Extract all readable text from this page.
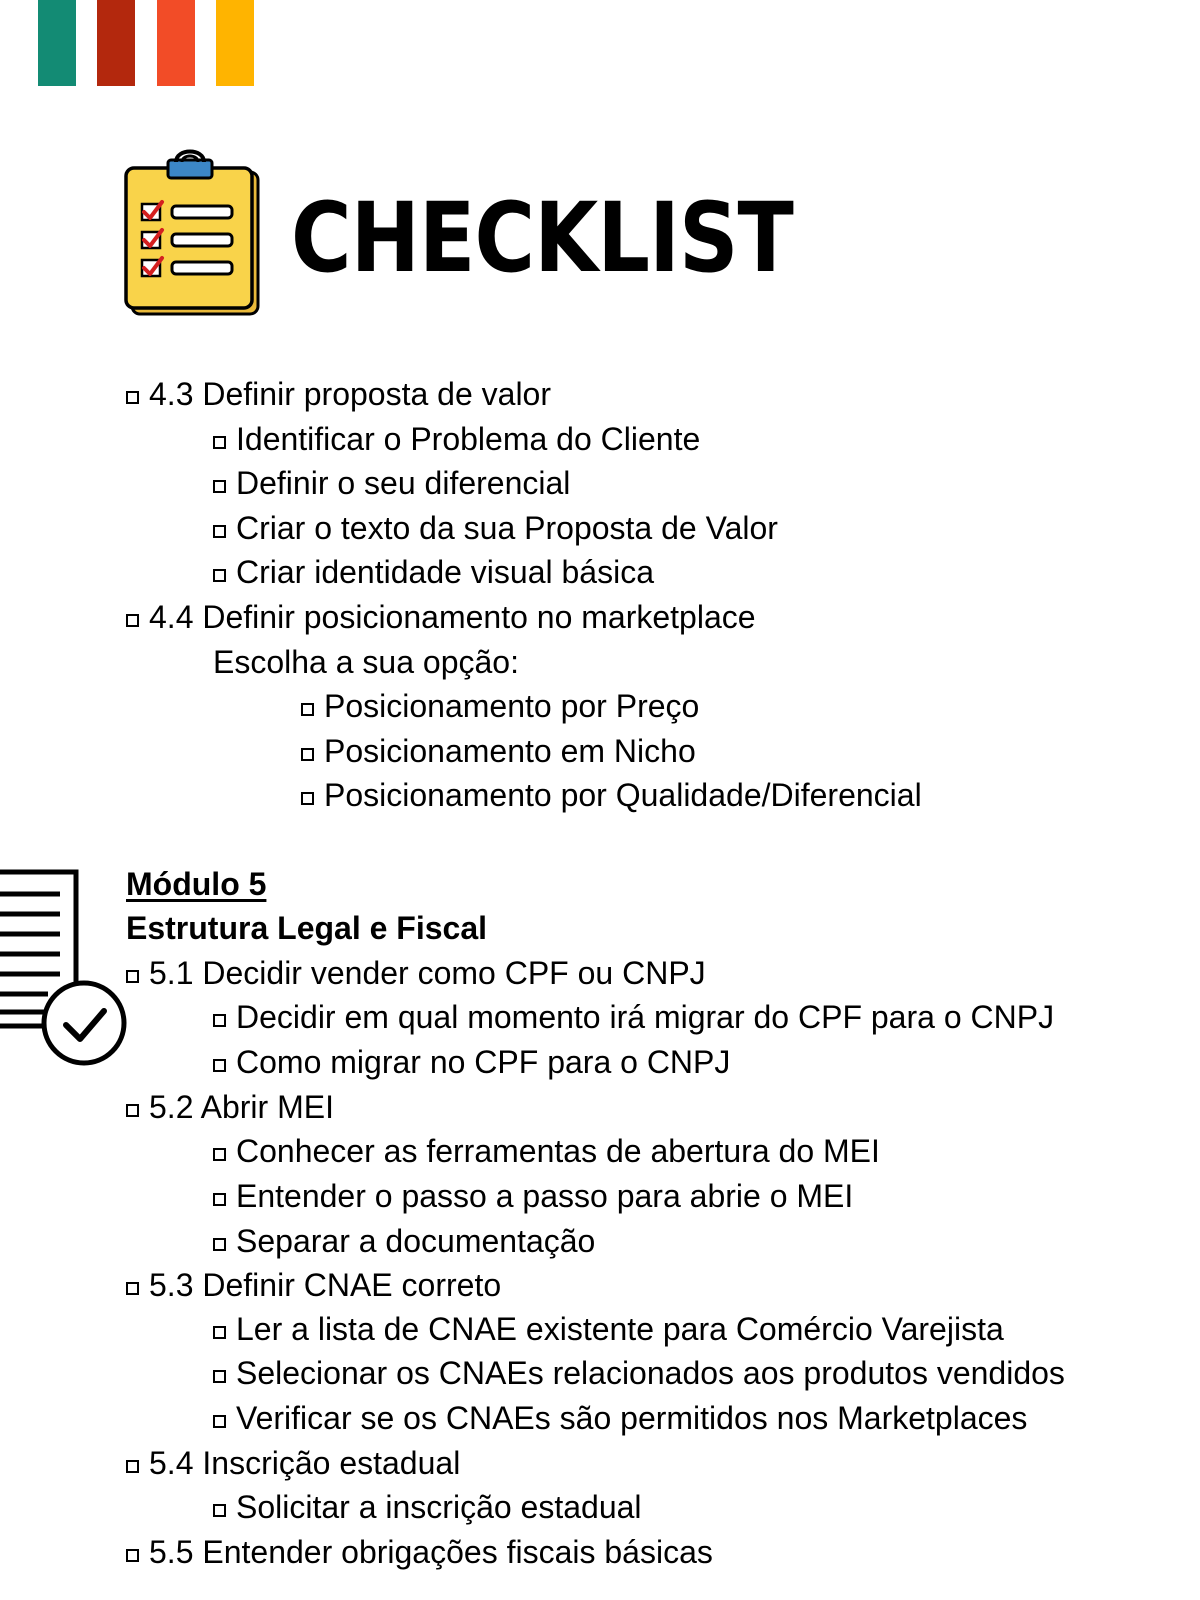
CHECKLIST
4.3 Definir proposta de valor
Identificar o Problema do Cliente
Definir o seu diferencial
Criar o texto da sua Proposta de Valor
Criar identidade visual básica
4.4 Definir posicionamento no marketplace
Escolha a sua opção:
Posicionamento por Preço
Posicionamento em Nicho
Posicionamento por Qualidade/Diferencial
Módulo 5
Estrutura Legal e Fiscal
5.1 Decidir vender como CPF ou CNPJ
Decidir em qual momento irá migrar do CPF para o CNPJ
Como migrar no CPF para o CNPJ
5.2 Abrir MEI
Conhecer as ferramentas de abertura do MEI
Entender o passo a passo para abrie o MEI
Separar a documentação
5.3 Definir CNAE correto
Ler a lista de CNAE existente para Comércio Varejista
Selecionar os CNAEs relacionados aos produtos vendidos
Verificar se os CNAEs são permitidos nos Marketplaces
5.4 Inscrição estadual
Solicitar a inscrição estadual
5.5 Entender obrigações fiscais básicas
